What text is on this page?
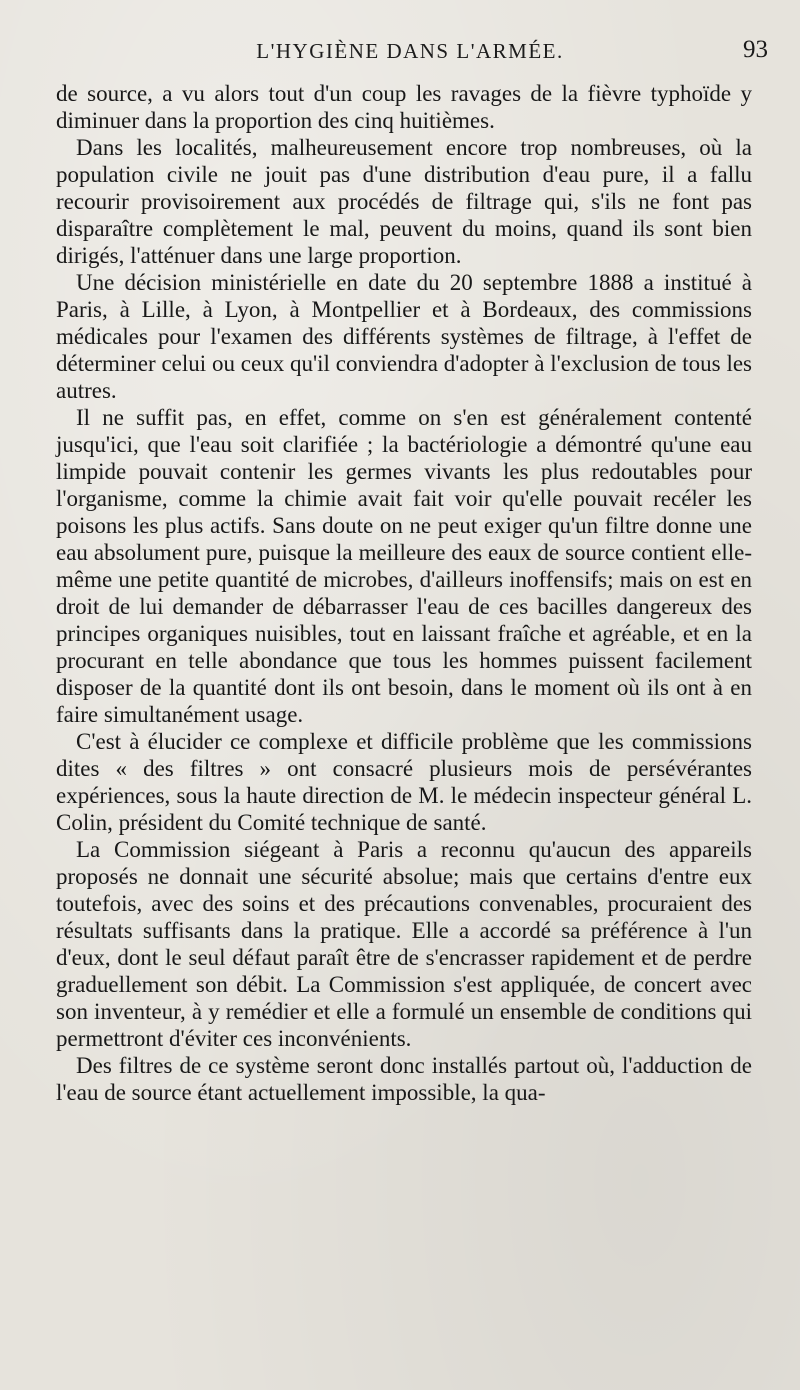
L'HYGIÈNE DANS L'ARMÉE.	93

de source, a vu alors tout d'un coup les ravages de la fièvre typhoïde y diminuer dans la proportion des cinq huitièmes.

Dans les localités, malheureusement encore trop nombreuses, où la population civile ne jouit pas d'une distribution d'eau pure, il a fallu recourir provisoirement aux procédés de filtrage qui, s'ils ne font pas disparaître complètement le mal, peuvent du moins, quand ils sont bien dirigés, l'atténuer dans une large proportion.

Une décision ministérielle en date du 20 septembre 1888 a institué à Paris, à Lille, à Lyon, à Montpellier et à Bordeaux, des commissions médicales pour l'examen des différents systèmes de filtrage, à l'effet de déterminer celui ou ceux qu'il conviendra d'adopter à l'exclusion de tous les autres.

Il ne suffit pas, en effet, comme on s'en est généralement contenté jusqu'ici, que l'eau soit clarifiée ; la bactériologie a démontré qu'une eau limpide pouvait contenir les germes vivants les plus redoutables pour l'organisme, comme la chimie avait fait voir qu'elle pouvait recéler les poisons les plus actifs. Sans doute on ne peut exiger qu'un filtre donne une eau absolument pure, puisque la meilleure des eaux de source contient elle-même une petite quantité de microbes, d'ailleurs inoffensifs; mais on est en droit de lui demander de débarrasser l'eau de ces bacilles dangereux des principes organiques nuisibles, tout en laissant fraîche et agréable, et en la procurant en telle abondance que tous les hommes puissent facilement disposer de la quantité dont ils ont besoin, dans le moment où ils ont à en faire simultanément usage.

C'est à élucider ce complexe et difficile problème que les commissions dites « des filtres » ont consacré plusieurs mois de persévérantes expériences, sous la haute direction de M. le médecin inspecteur général L. Colin, président du Comité technique de santé.

La Commission siégeant à Paris a reconnu qu'aucun des appareils proposés ne donnait une sécurité absolue; mais que certains d'entre eux toutefois, avec des soins et des précautions convenables, procuraient des résultats suffisants dans la pratique. Elle a accordé sa préférence à l'un d'eux, dont le seul défaut paraît être de s'encrasser rapidement et de perdre graduellement son débit. La Commission s'est appliquée, de concert avec son inventeur, à y remédier et elle a formulé un ensemble de conditions qui permettront d'éviter ces inconvénients.

Des filtres de ce système seront donc installés partout où, l'adduction de l'eau de source étant actuellement impossible, la qua-
